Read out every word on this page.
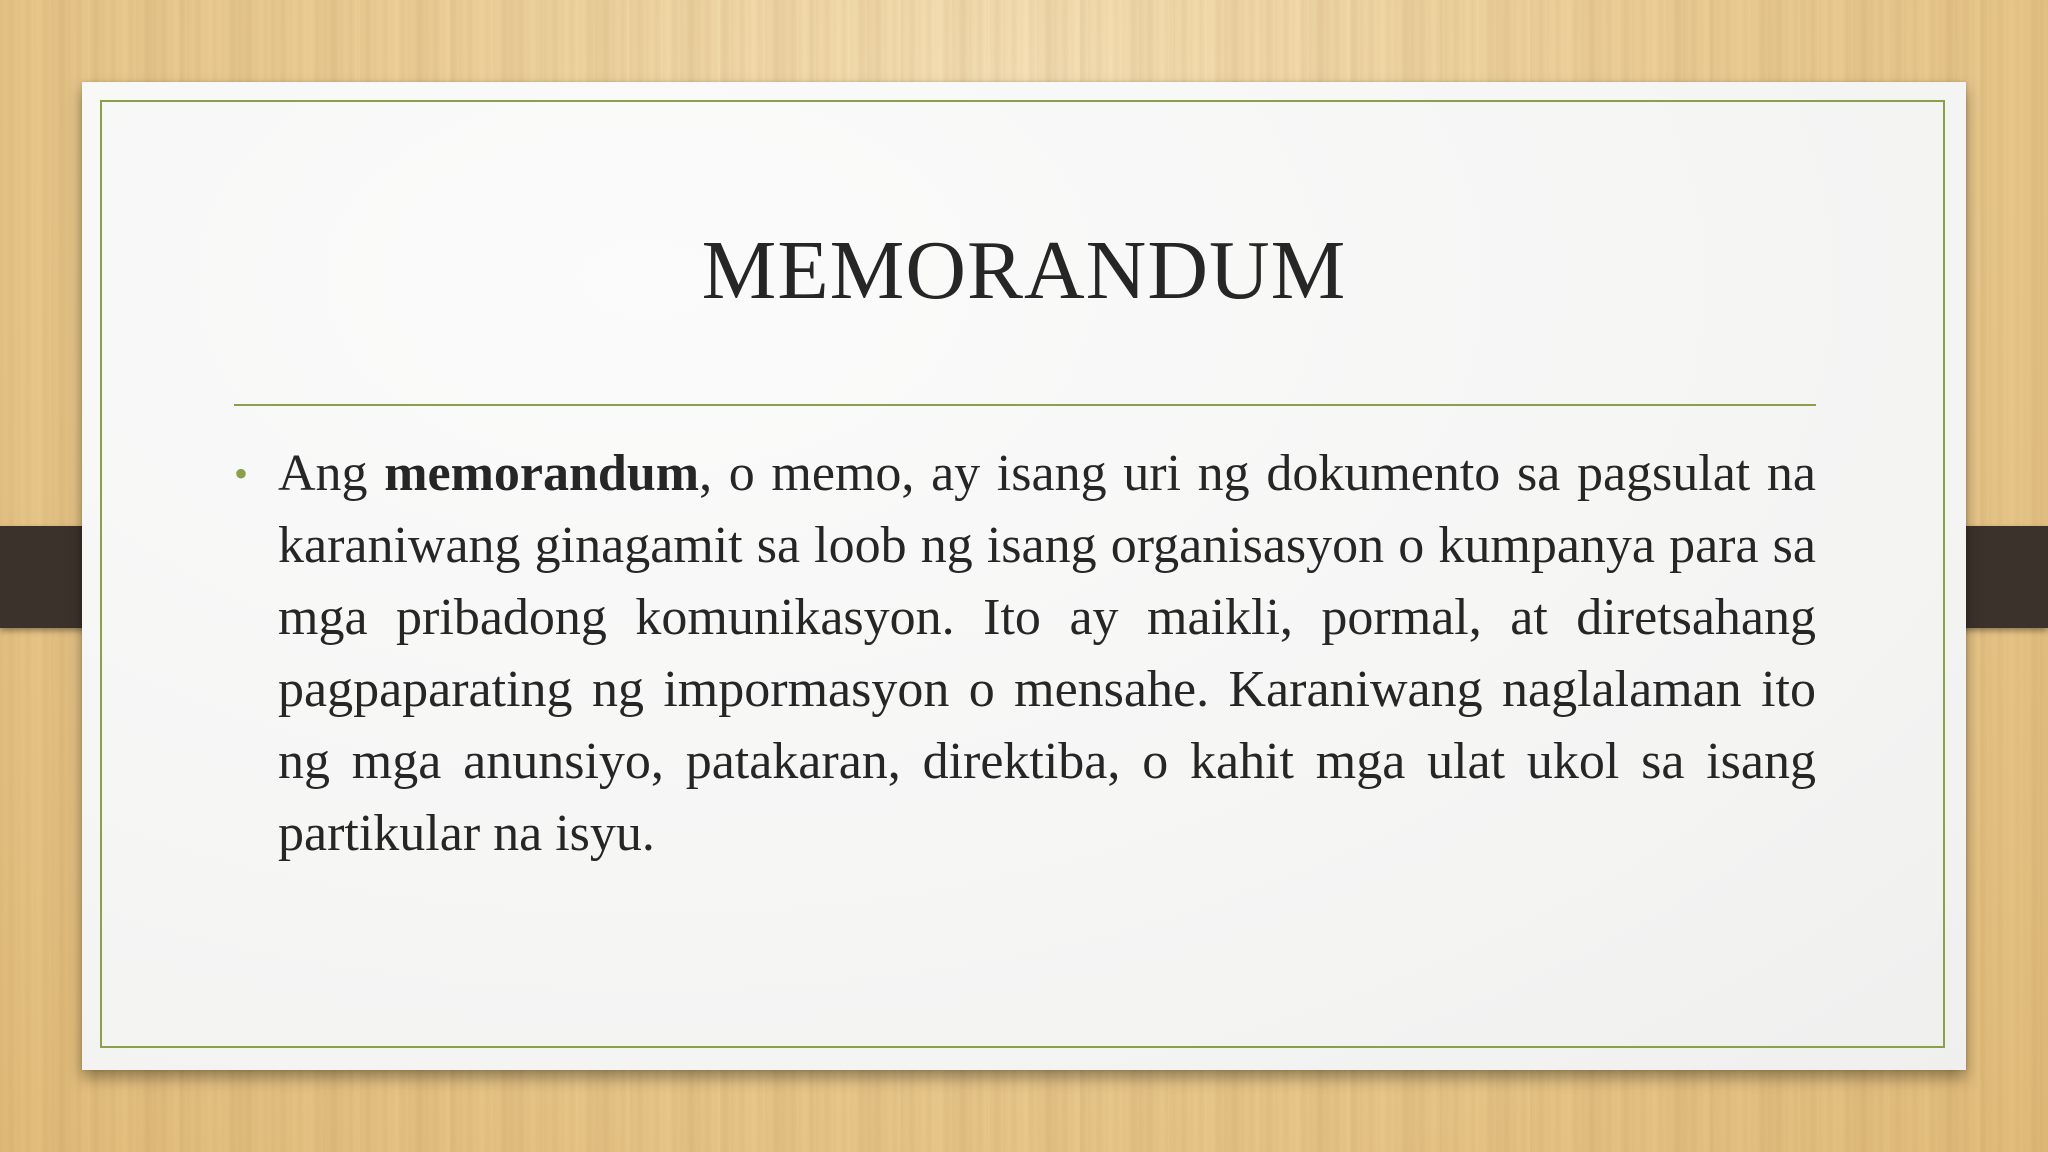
MEMORANDUM
• Ang memorandum, o memo, ay isang uri ng dokumento sa pagsulat na karaniwang ginagamit sa loob ng isang organisasyon o kumpanya para sa mga pribadong komunikasyon. Ito ay maikli, pormal, at diretsahang pagpaparating ng impormasyon o mensahe. Karaniwang naglalaman ito ng mga anunsiyo, patakaran, direktiba, o kahit mga ulat ukol sa isang partikular na isyu.
